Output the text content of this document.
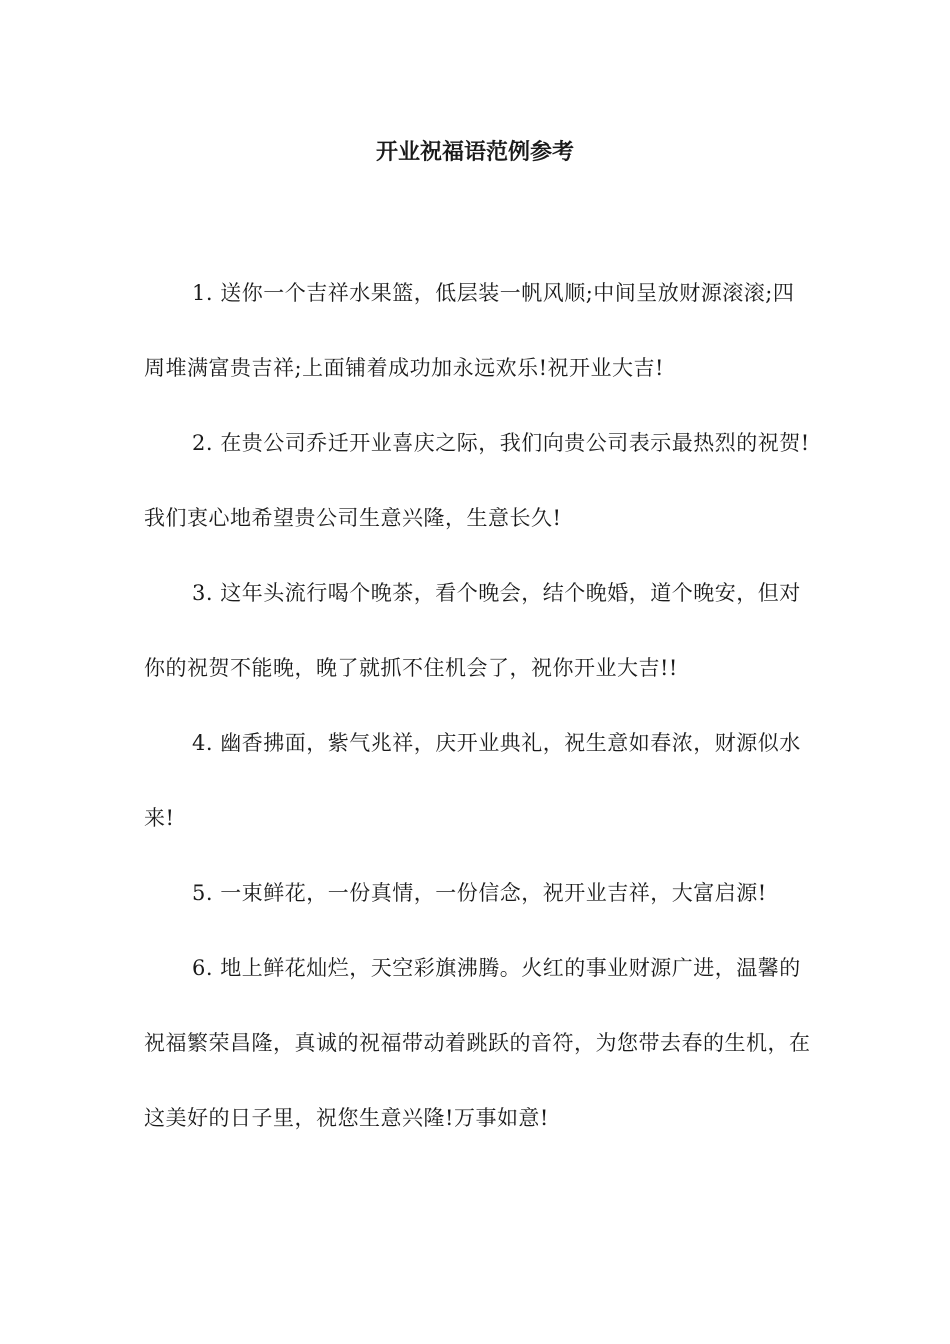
开业祝福语范例参考

1. 送你一个吉祥水果篮，低层装一帆风顺;中间呈放财源滚滚;四周堆满富贵吉祥;上面铺着成功加永远欢乐!祝开业大吉!

2. 在贵公司乔迁开业喜庆之际，我们向贵公司表示最热烈的祝贺!我们衷心地希望贵公司生意兴隆，生意长久!

3. 这年头流行喝个晚茶，看个晚会，结个晚婚，道个晚安，但对你的祝贺不能晚，晚了就抓不住机会了，祝你开业大吉!!

4. 幽香拂面，紫气兆祥，庆开业典礼，祝生意如春浓，财源似水来!

5. 一束鲜花，一份真情，一份信念，祝开业吉祥，大富启源!

6. 地上鲜花灿烂，天空彩旗沸腾。火红的事业财源广进，温馨的祝福繁荣昌隆，真诚的祝福带动着跳跃的音符，为您带去春的生机，在这美好的日子里，祝您生意兴隆!万事如意!
